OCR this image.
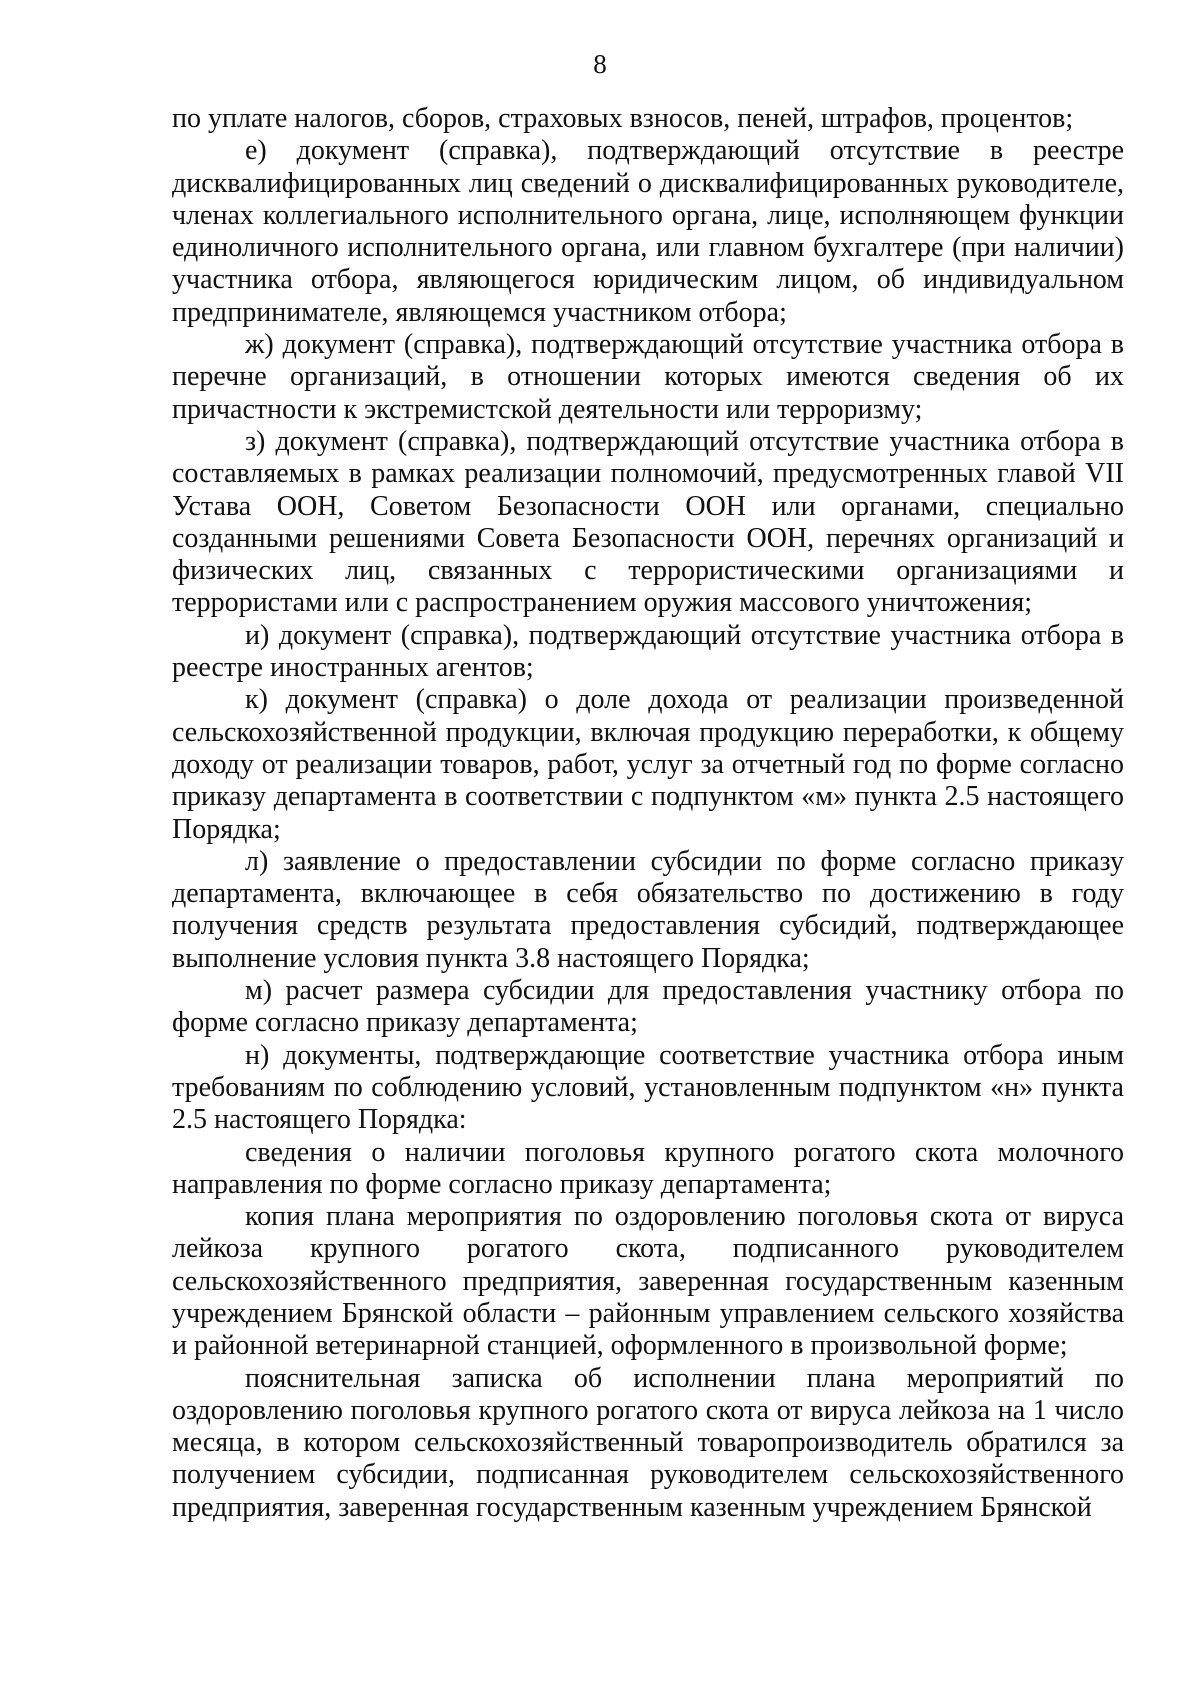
8

по уплате налогов, сборов, страховых взносов, пеней, штрафов, процентов;

е) документ (справка), подтверждающий отсутствие в реестре дисквалифицированных лиц сведений о дисквалифицированных руководителе, членах коллегиального исполнительного органа, лице, исполняющем функции единоличного исполнительного органа, или главном бухгалтере (при наличии) участника отбора, являющегося юридическим лицом, об индивидуальном предпринимателе, являющемся участником отбора;

ж) документ (справка), подтверждающий отсутствие участника отбора в перечне организаций, в отношении которых имеются сведения об их причастности к экстремистской деятельности или терроризму;

з) документ (справка), подтверждающий отсутствие участника отбора в составляемых в рамках реализации полномочий, предусмотренных главой VII Устава ООН, Советом Безопасности ООН или органами, специально созданными решениями Совета Безопасности ООН, перечнях организаций и физических лиц, связанных с террористическими организациями и террористами или с распространением оружия массового уничтожения;

и) документ (справка), подтверждающий отсутствие участника отбора в реестре иностранных агентов;

к) документ (справка) о доле дохода от реализации произведенной сельскохозяйственной продукции, включая продукцию переработки, к общему доходу от реализации товаров, работ, услуг за отчетный год по форме согласно приказу департамента в соответствии с подпунктом «м» пункта 2.5 настоящего Порядка;

л) заявление о предоставлении субсидии по форме согласно приказу департамента, включающее в себя обязательство по достижению в году получения средств результата предоставления субсидий, подтверждающее выполнение условия пункта 3.8 настоящего Порядка;

м) расчет размера субсидии для предоставления участнику отбора по форме согласно приказу департамента;

н) документы, подтверждающие соответствие участника отбора иным требованиям по соблюдению условий, установленным подпунктом «н» пункта 2.5 настоящего Порядка:

сведения о наличии поголовья крупного рогатого скота молочного направления по форме согласно приказу департамента;

копия плана мероприятия по оздоровлению поголовья скота от вируса лейкоза крупного рогатого скота, подписанного руководителем сельскохозяйственного предприятия, заверенная государственным казенным учреждением Брянской области – районным управлением сельского хозяйства и районной ветеринарной станцией, оформленного в произвольной форме;

пояснительная записка об исполнении плана мероприятий по оздоровлению поголовья крупного рогатого скота от вируса лейкоза на 1 число месяца, в котором сельскохозяйственный товаропроизводитель обратился за получением субсидии, подписанная руководителем сельскохозяйственного предприятия, заверенная государственным казенным учреждением Брянской
